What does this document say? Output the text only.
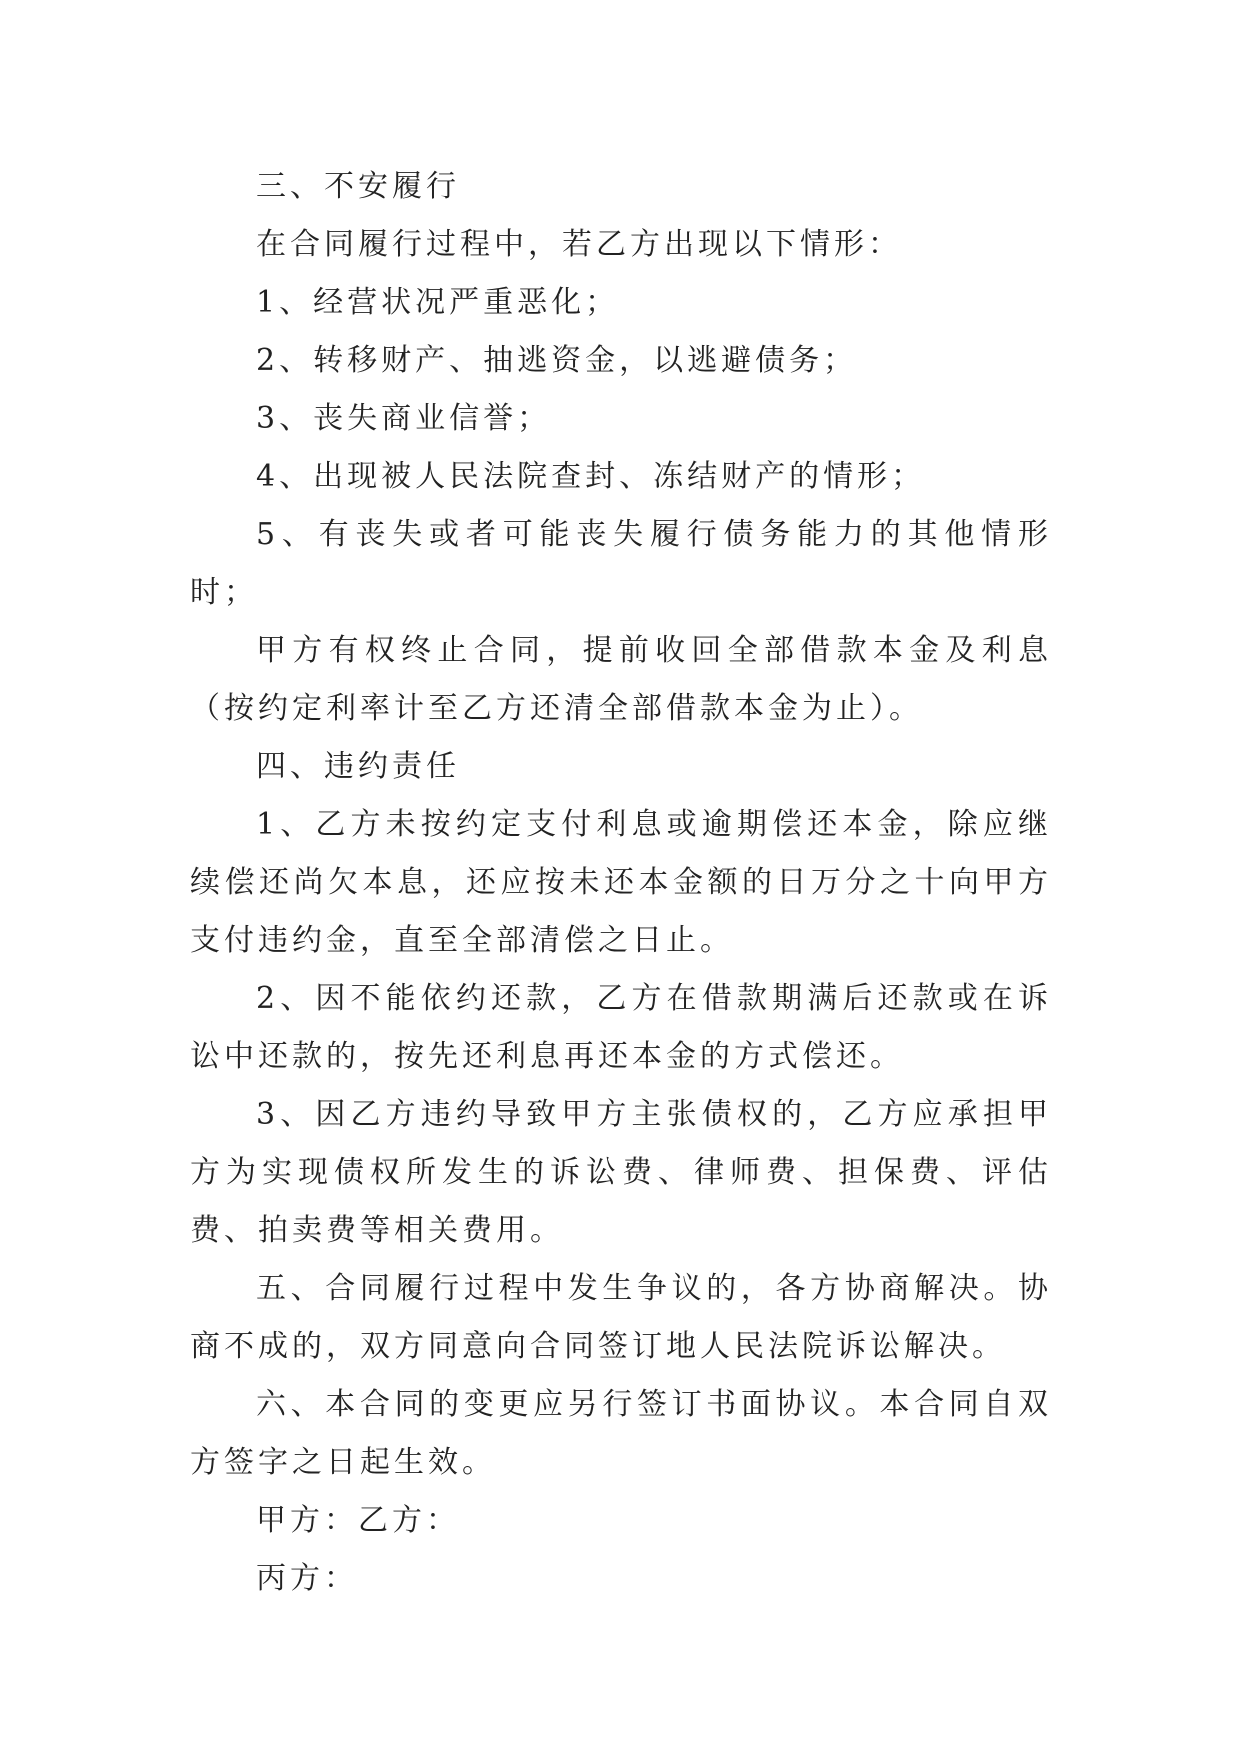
三、不安履行

在合同履行过程中，若乙方出现以下情形：

1、经营状况严重恶化；

2、转移财产、抽逃资金，以逃避债务；

3、丧失商业信誉；

4、出现被人民法院查封、冻结财产的情形；

5、有丧失或者可能丧失履行债务能力的其他情形时；

甲方有权终止合同，提前收回全部借款本金及利息（按约定利率计至乙方还清全部借款本金为止）。

四、违约责任

1、乙方未按约定支付利息或逾期偿还本金，除应继续偿还尚欠本息，还应按未还本金额的日万分之十向甲方支付违约金，直至全部清偿之日止。

2、因不能依约还款，乙方在借款期满后还款或在诉讼中还款的，按先还利息再还本金的方式偿还。

3、因乙方违约导致甲方主张债权的，乙方应承担甲方为实现债权所发生的诉讼费、律师费、担保费、评估费、拍卖费等相关费用。

五、合同履行过程中发生争议的，各方协商解决。协商不成的，双方同意向合同签订地人民法院诉讼解决。

六、本合同的变更应另行签订书面协议。本合同自双方签字之日起生效。

甲方：乙方：

丙方：
